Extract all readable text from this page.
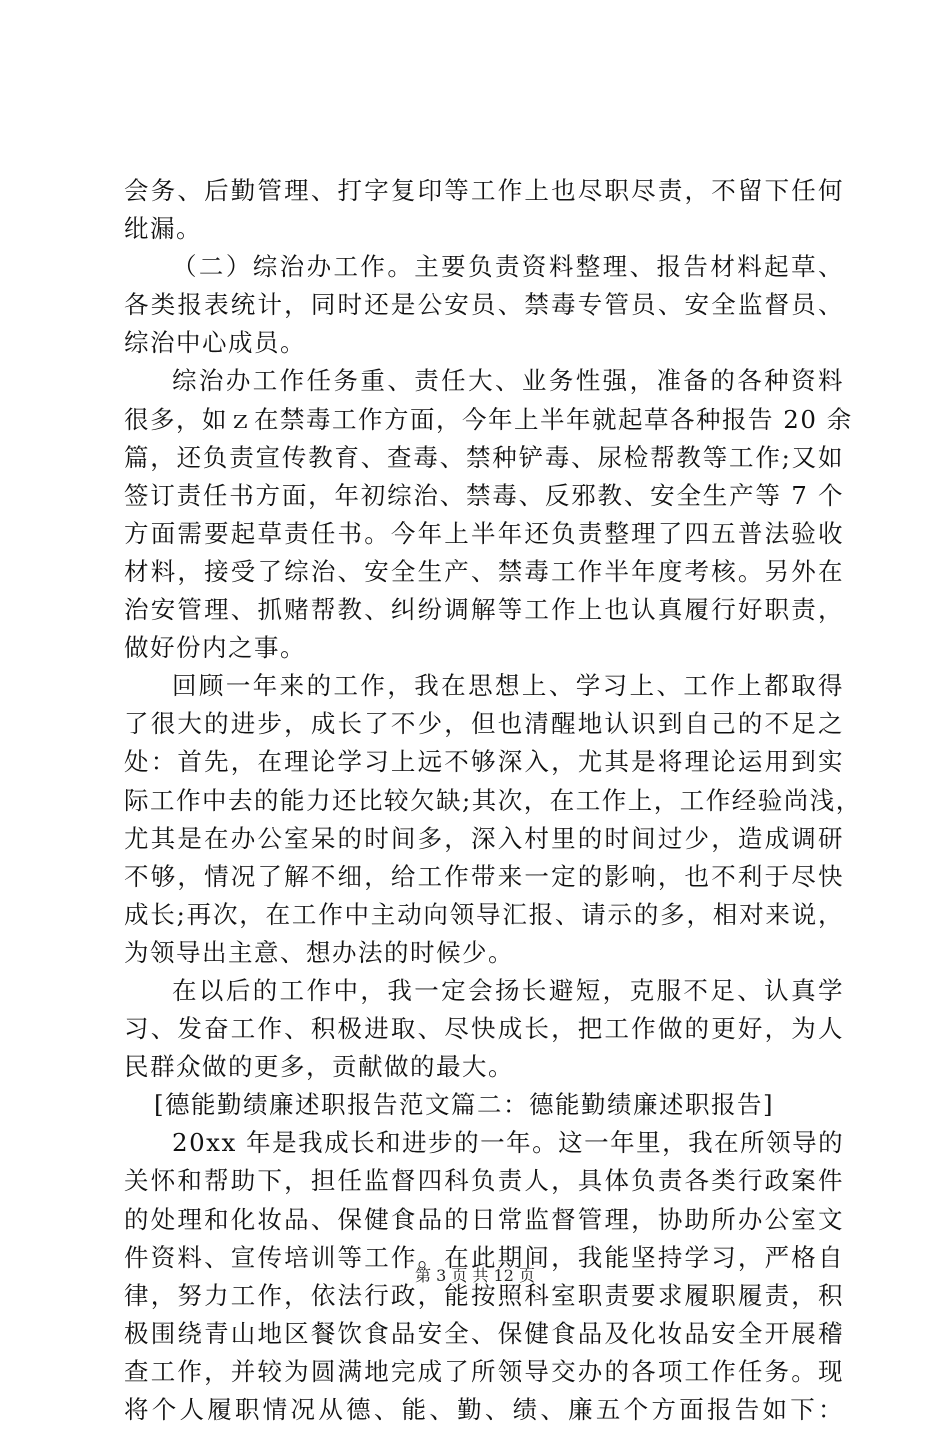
会务、后勤管理、打字复印等工作上也尽职尽责，不留下任何
纰漏。
（二）综治办工作。主要负责资料整理、报告材料起草、
各类报表统计，同时还是公安员、禁毒专管员、安全监督员、
综治中心成员。
综治办工作任务重、责任大、业务性强，准备的各种资料
很多，如ｚ在禁毒工作方面，今年上半年就起草各种报告 20 余
篇，还负责宣传教育、查毒、禁种铲毒、尿检帮教等工作;又如
签订责任书方面，年初综治、禁毒、反邪教、安全生产等 7 个
方面需要起草责任书。今年上半年还负责整理了四五普法验收
材料，接受了综治、安全生产、禁毒工作半年度考核。另外在
治安管理、抓赌帮教、纠纷调解等工作上也认真履行好职责，
做好份内之事。
回顾一年来的工作，我在思想上、学习上、工作上都取得
了很大的进步，成长了不少，但也清醒地认识到自己的不足之
处：首先，在理论学习上远不够深入，尤其是将理论运用到实
际工作中去的能力还比较欠缺;其次，在工作上，工作经验尚浅，
尤其是在办公室呆的时间多，深入村里的时间过少，造成调研
不够，情况了解不细，给工作带来一定的影响，也不利于尽快
成长;再次，在工作中主动向领导汇报、请示的多，相对来说，
为领导出主意、想办法的时候少。
在以后的工作中，我一定会扬长避短，克服不足、认真学
习、发奋工作、积极进取、尽快成长，把工作做的更好，为人
民群众做的更多，贡献做的最大。
[德能勤绩廉述职报告范文篇二：德能勤绩廉述职报告]
20xx 年是我成长和进步的一年。这一年里，我在所领导的
关怀和帮助下，担任监督四科负责人，具体负责各类行政案件
的处理和化妆品、保健食品的日常监督管理，协助所办公室文
件资料、宣传培训等工作。在此期间，我能坚持学习，严格自
律，努力工作，依法行政，能按照科室职责要求履职履责，积
极围绕青山地区餐饮食品安全、保健食品及化妆品安全开展稽
查工作，并较为圆满地完成了所领导交办的各项工作任务。现
将个人履职情况从德、能、勤、绩、廉五个方面报告如下：
第 3 页 共 12 页
